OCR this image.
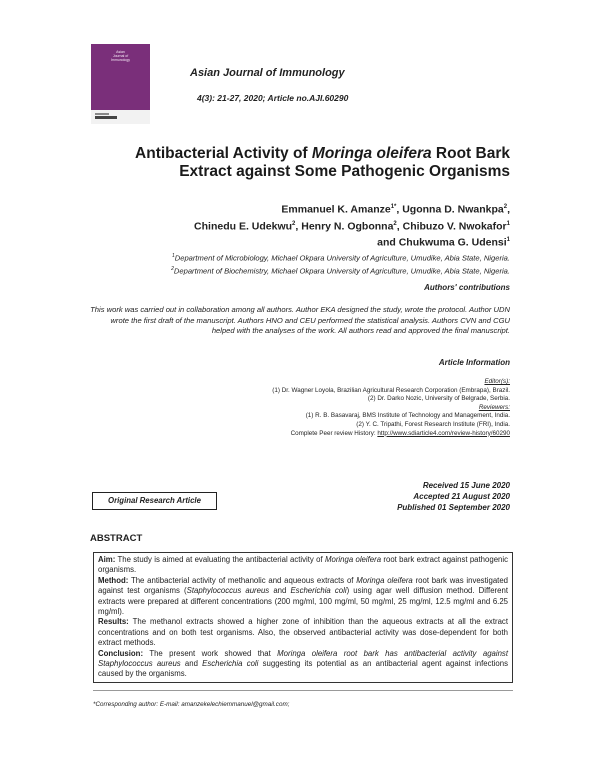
Asian
Journal of
Immunology
Asian Journal of Immunology
4(3): 21-27, 2020; Article no.AJI.60290
Antibacterial Activity of Moringa oleifera Root Bark Extract against Some Pathogenic Organisms
Emmanuel K. Amanze$^{1*}$, Ugonna D. Nwankpa$^2$,
Chinedu E. Udekwu$^2$, Henry N. Ogbonna$^2$, Chibuzo V. Nwokafor$^1$
and Chukwuma G. Udensi$^1$
$^1$Department of Microbiology, Michael Okpara University of Agriculture, Umudike, Abia State, Nigeria.
$^2$Department of Biochemistry, Michael Okpara University of Agriculture, Umudike, Abia State, Nigeria.
Authors' contributions
This work was carried out in collaboration among all authors. Author EKA designed the study, wrote the protocol. Author UDN wrote the first draft of the manuscript. Authors HNO and CEU performed the statistical analysis. Authors CVN and CGU helped with the analyses of the work. All authors read and approved the final manuscript.
Article Information
Editor(s):
(1) Dr. Wagner Loyola, Brazilian Agricultural Research Corporation (Embrapa), Brazil.
(2) Dr. Darko Nozic, University of Belgrade, Serbia.
Reviewers:
(1) R. B. Basavaraj, BMS Institute of Technology and Management, India.
(2) Y. C. Tripathi, Forest Research Institute (FRI), India.
Complete Peer review History: http://www.sdiarticle4.com/review-history/60290
Original Research Article
Received 15 June 2020
Accepted 21 August 2020
Published 01 September 2020
ABSTRACT

Aim: The study is aimed at evaluating the antibacterial activity of Moringa oleifera root bark extract against pathogenic organisms.

Method: The antibacterial activity of methanolic and aqueous extracts of Moringa oleifera root bark was investigated against test organisms (Staphylococcus aureus and Escherichia coli) using agar well diffusion method. Different extracts were prepared at different concentrations (200 mg/ml, 100 mg/ml, 50 mg/ml, 25 mg/ml, 12.5 mg/ml and 6.25 mg/ml).

Results: The methanol extracts showed a higher zone of inhibition than the aqueous extracts at all the extract concentrations and on both test organisms. Also, the observed antibacterial activity was dose-dependent for both extract methods.

Conclusion: The present work showed that Moringa oleifera root bark has antibacterial activity against Staphylococcus aureus and Escherichia coli suggesting its potential as an antibacterial agent against infections caused by the organisms.

*Corresponding author: E-mail: amanzekelechiemmanuel@gmail.com;
